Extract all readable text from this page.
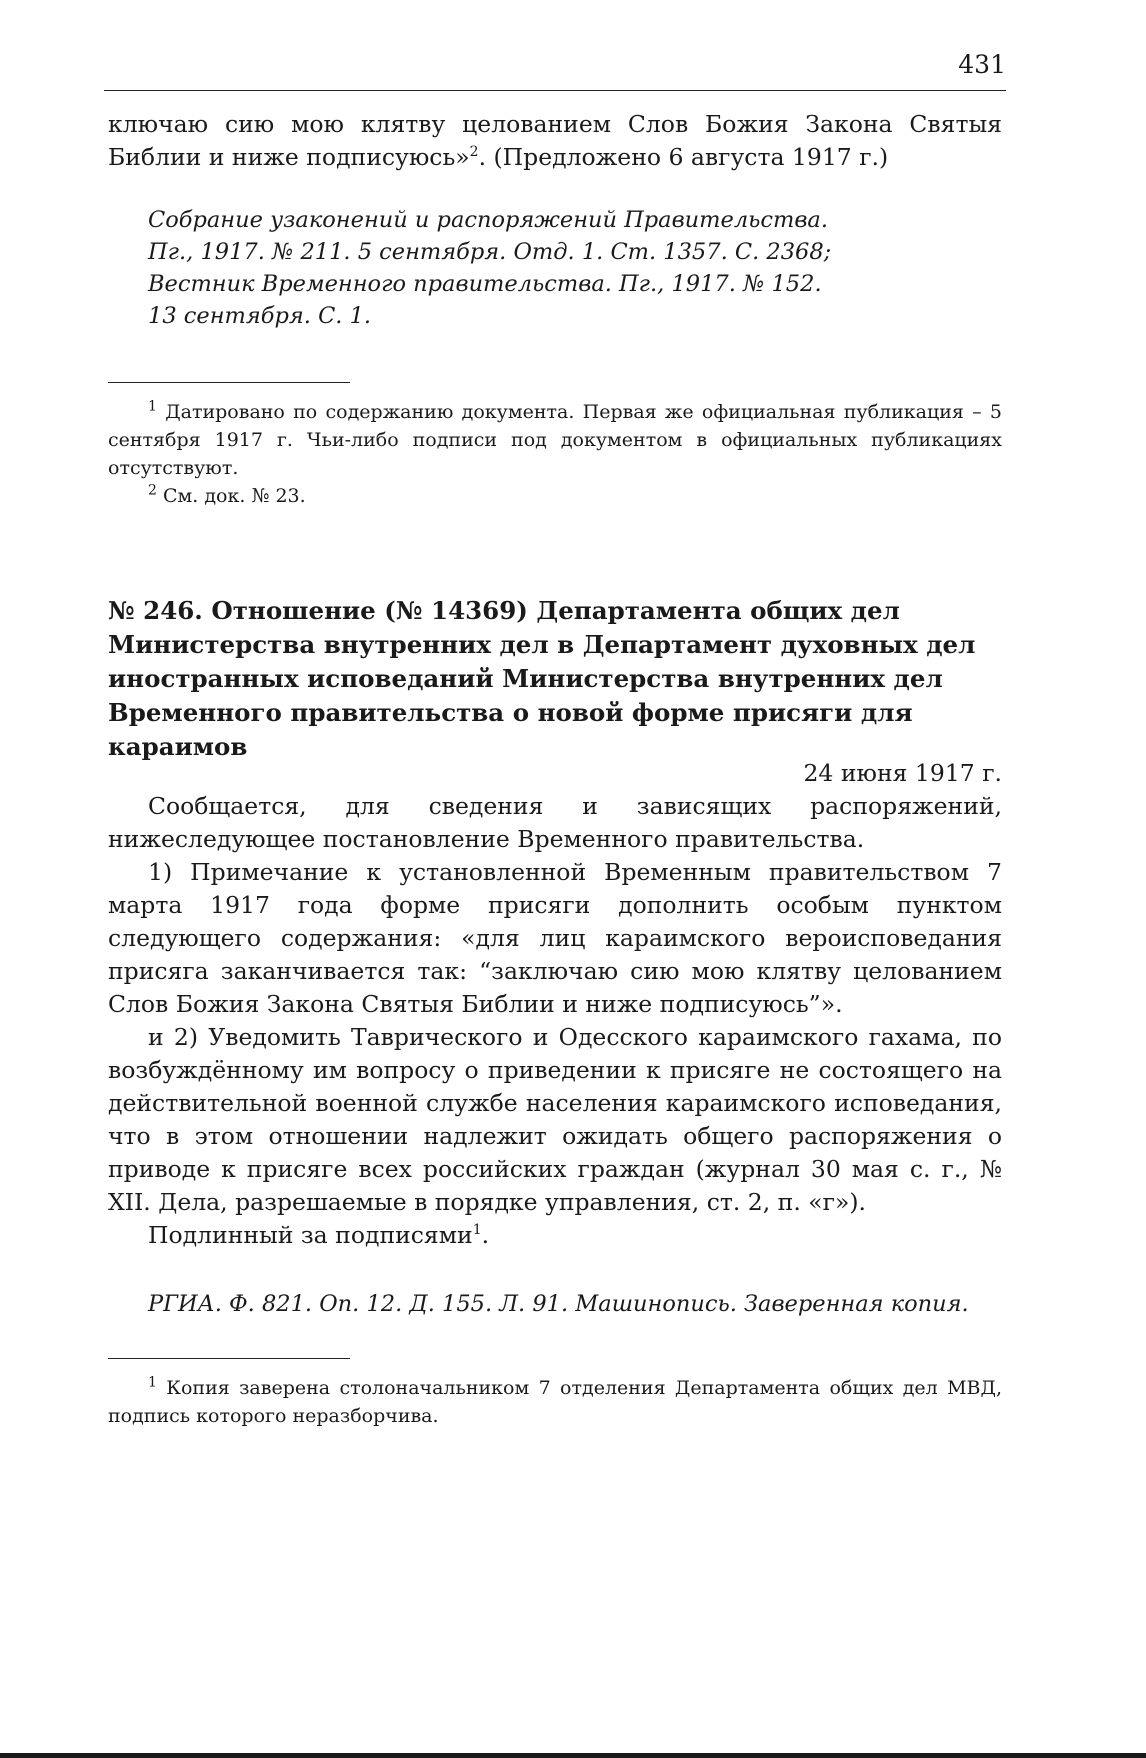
431

ключаю сию мою клятву целованием Слов Божия Закона Святыя Библии и ниже подписуюсь»$^2$. (Предложено 6 августа 1917 г.)

Собрание узаконений и распоряжений Правительства.
Пг., 1917. № 211. 5 сентября. Отд. 1. Ст. 1357. С. 2368;
Вестник Временного правительства. Пг., 1917. № 152.
13 сентября. С. 1.

$^1$ Датировано по содержанию документа. Первая же официальная публикация – 5 сентября 1917 г. Чьи-либо подписи под документом в официальных публикациях отсутствуют.

$^2$ См. док. № 23.

№ 246. Отношение (№ 14369) Департамента общих дел Министерства внутренних дел в Департамент духовных дел иностранных исповеданий Министерства внутренних дел Временного правительства о новой форме присяги для караимов

24 июня 1917 г.

Сообщается, для сведения и зависящих распоряжений, нижеследующее постановление Временного правительства.

1) Примечание к установленной Временным правительством 7 марта 1917 года форме присяги дополнить особым пунктом следующего содержания: «для лиц караимского вероисповедания присяга заканчивается так: “заключаю сию мою клятву целованием Слов Божия Закона Святыя Библии и ниже подписуюсь”».

и 2) Уведомить Таврического и Одесского караимского гахама, по возбуждённому им вопросу о приведении к присяге не состоящего на действительной военной службе населения караимского исповедания, что в этом отношении надлежит ожидать общего распоряжения о приводе к присяге всех российских граждан (журнал 30 мая с. г., № XII. Дела, разрешаемые в порядке управления, ст. 2, п. «г»).

Подлинный за подписями$^1$.

РГИА. Ф. 821. Оп. 12. Д. 155. Л. 91. Машинопись. Заверенная копия.

$^1$ Копия заверена столоначальником 7 отделения Департамента общих дел МВД, подпись которого неразборчива.
